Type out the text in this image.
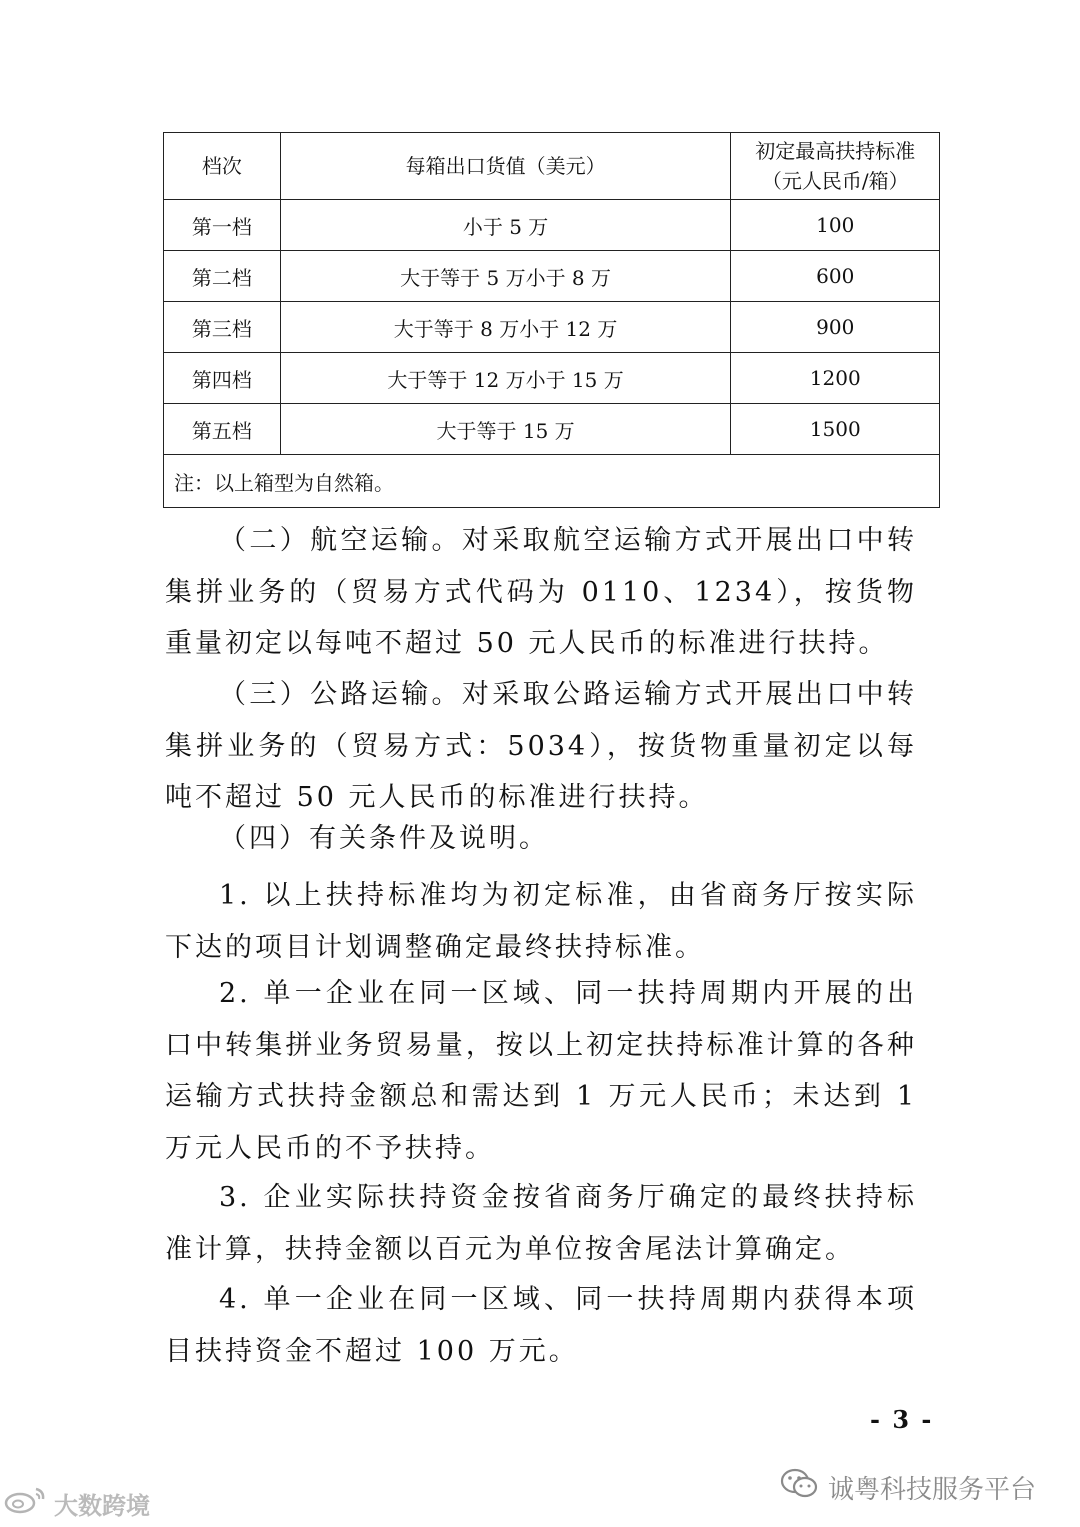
档次	每箱出口货值（美元）	初定最高扶持标准
（元人民币/箱）

第一档	小于 5 万	100
第二档	大于等于 5 万小于 8 万	600
第三档	大于等于 8 万小于 12 万	900
第四档	大于等于 12 万小于 15 万	1200
第五档	大于等于 15 万	1500
注：以上箱型为自然箱。		

（二）航空运输。对采取航空运输方式开展出口中转集拼业务的（贸易方式代码为 0110、1234），按货物重量初定以每吨不超过 50 元人民币的标准进行扶持。

（三）公路运输。对采取公路运输方式开展出口中转集拼业务的（贸易方式：5034），按货物重量初定以每吨不超过 50 元人民币的标准进行扶持。

（四）有关条件及说明。

1. 以上扶持标准均为初定标准，由省商务厅按实际下达的项目计划调整确定最终扶持标准。

2. 单一企业在同一区域、同一扶持周期内开展的出口中转集拼业务贸易量，按以上初定扶持标准计算的各种运输方式扶持金额总和需达到 1 万元人民币；未达到 1 万元人民币的不予扶持。

3. 企业实际扶持资金按省商务厅确定的最终扶持标准计算，扶持金额以百元为单位按舍尾法计算确定。

4. 单一企业在同一区域、同一扶持周期内获得本项目扶持资金不超过 100 万元。

- 3 -
诚粤科技服务平台
大数跨境
